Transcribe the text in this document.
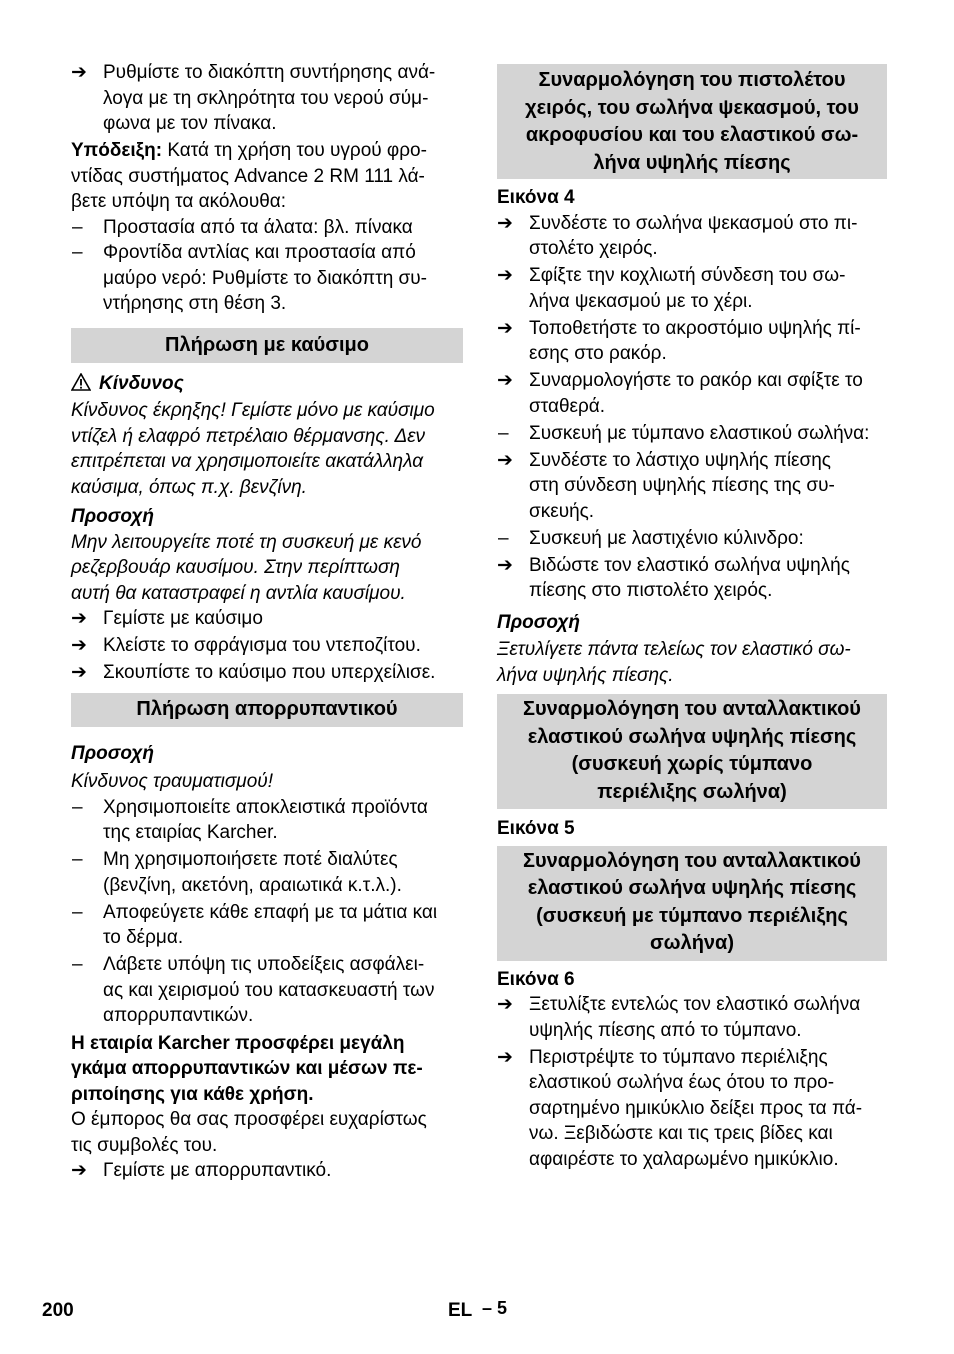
➔ Ρυθμίστε το διακόπτη συντήρησης ανά-
λογα με τη σκληρότητα του νερού σύμ-
φωνα με τον πίνακα.
Υπόδειξη: Κατά τη χρήση του υγρού φρο-
ντίδας συστήματος Advance 2 RM 111 λά-
βετε υπόψη τα ακόλουθα:
– Προστασία από τα άλατα: βλ. πίνακα
– Φροντίδα αντλίας και προστασία από
μαύρο νερό: Ρυθμίστε το διακόπτη συ-
ντήρησης στη θέση 3.
Πλήρωση με καύσιμο
Κίνδυνος
Κίνδυνος έκρηξης! Γεμίστε μόνο με καύσιμο
ντίζελ ή ελαφρό πετρέλαιο θέρμανσης. Δεν
επιτρέπεται να χρησιμοποιείτε ακατάλληλα
καύσιμα, όπως π.χ. βενζίνη.
Προσοχή
Μην λειτουργείτε ποτέ τη συσκευή με κενό
ρεζερβουάρ καυσίμου. Στην περίπτωση
αυτή θα καταστραφεί η αντλία καυσίμου.
➔ Γεμίστε με καύσιμο
➔ Κλείστε το σφράγισμα του ντεποζίτου.
➔ Σκουπίστε το καύσιμο που υπερχείλισε.
Πλήρωση απορρυπαντικού
Προσοχή
Κίνδυνος τραυματισμού!
– Χρησιμοποιείτε αποκλειστικά προϊόντα
της εταιρίας Karcher.
– Μη χρησιμοποιήσετε ποτέ διαλύτες
(βενζίνη, ακετόνη, αραιωτικά κ.τ.λ.).
– Αποφεύγετε κάθε επαφή με τα μάτια και
το δέρμα.
– Λάβετε υπόψη τις υποδείξεις ασφάλει-
ας και χειρισμού του κατασκευαστή των
απορρυπαντικών.
Η εταιρία Karcher προσφέρει μεγάλη
γκάμα απορρυπαντικών και μέσων πε-
ριποίησης για κάθε χρήση.
Ο έμπορος θα σας προσφέρει ευχαρίστως
τις συμβολές του.
➔ Γεμίστε με απορρυπαντικό.
Συναρμολόγηση του πιστολέτου
χειρός, του σωλήνα ψεκασμού, του
ακροφυσίου και του ελαστικού σω-
λήνα υψηλής πίεσης
Εικόνα 4
➔ Συνδέστε το σωλήνα ψεκασμού στο πι-
στολέτο χειρός.
➔ Σφίξτε την κοχλιωτή σύνδεση του σω-
λήνα ψεκασμού με το χέρι.
➔ Τοποθετήστε το ακροστόμιο υψηλής πί-
εσης στο ρακόρ.
➔ Συναρμολογήστε το ρακόρ και σφίξτε το
σταθερά.
– Συσκευή με τύμπανο ελαστικού σωλήνα:
➔ Συνδέστε το λάστιχο υψηλής πίεσης
στη σύνδεση υψηλής πίεσης της συ-
σκευής.
– Συσκευή με λαστιχένιο κύλινδρο:
➔ Βιδώστε τον ελαστικό σωλήνα υψηλής
πίεσης στο πιστολέτο χειρός.
Προσοχή
Ξετυλίγετε πάντα τελείως τον ελαστικό σω-
λήνα υψηλής πίεσης.
Συναρμολόγηση του ανταλλακτικού
ελαστικού σωλήνα υψηλής πίεσης
(συσκευή χωρίς τύμπανο
περιέλιξης σωλήνα)
Εικόνα 5
Συναρμολόγηση του ανταλλακτικού
ελαστικού σωλήνα υψηλής πίεσης
(συσκευή με τύμπανο περιέλιξης
σωλήνα)
Εικόνα 6
➔ Ξετυλίξτε εντελώς τον ελαστικό σωλήνα
υψηλής πίεσης από το τύμπανο.
➔ Περιστρέψτε το τύμπανο περιέλιξης
ελαστικού σωλήνα έως ότου το προ-
σαρτημένο ημικύκλιο δείξει προς τα πά-
νω. Ξεβιδώστε και τις τρεις βίδες και
αφαιρέστε το χαλαρωμένο ημικύκλιο.
200	EL – 5
